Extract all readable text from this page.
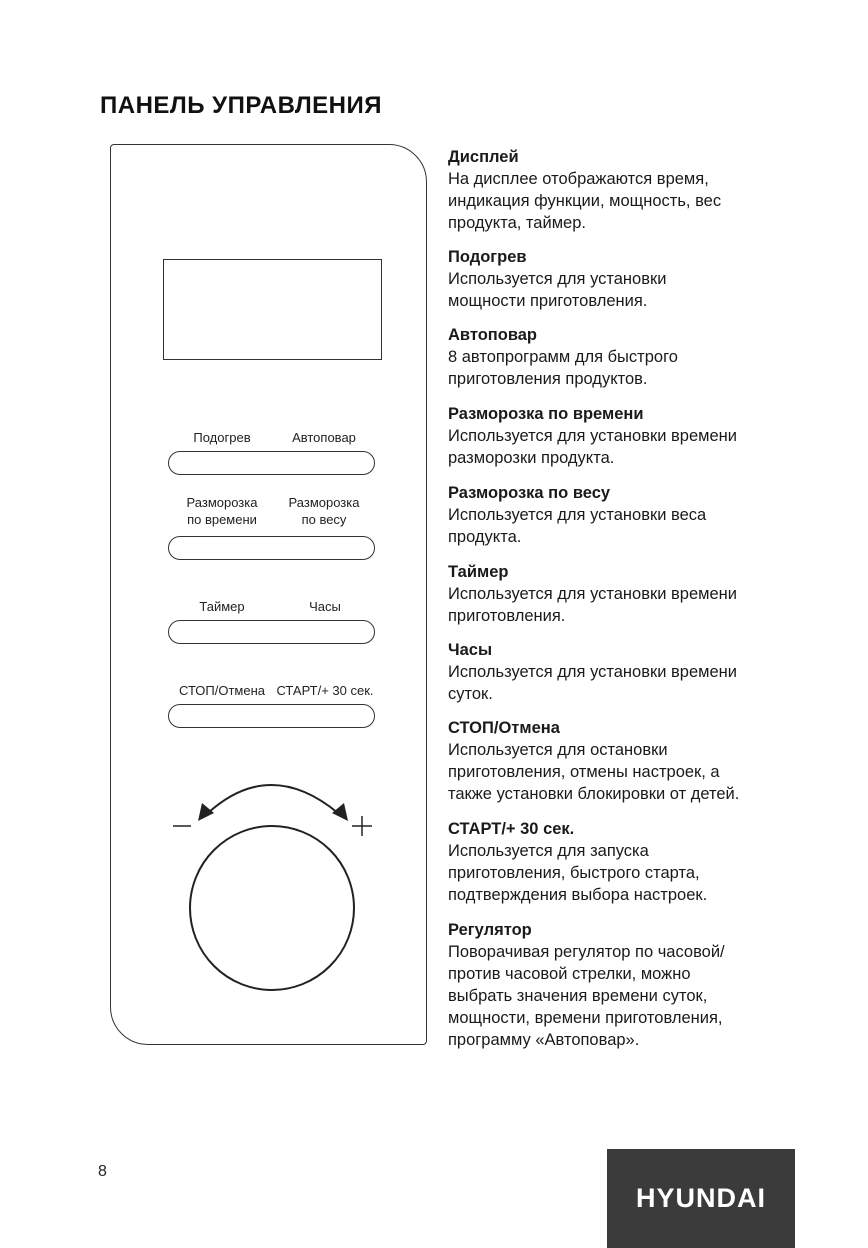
ПАНЕЛЬ УПРАВЛЕНИЯ
Подогрев	Автоповар
Разморозка
по времени
Разморозка
по весу
Таймер	Часы
СТОП/Отмена СТАРТ/+ 30 сек.
Дисплей
На дисплее отображаются время,
индикация функции, мощность, вес
продукта, таймер.
Подогрев
Используется для установки
мощности приготовления.
Автоповар
8 автопрограмм для быстрого
приготовления продуктов.
Разморозка по времени
Используется для установки времени
разморозки продукта.
Разморозка по весу
Используется для установки веса
продукта.
Таймер
Используется для установки времени
приготовления.
Часы
Используется для установки времени
суток.
СТОП/Отмена
Используется для остановки
приготовления, отмены настроек, а
также установки блокировки от детей.
СТАРТ/+ 30 сек.
Используется для запуска
приготовления, быстрого старта,
подтверждения выбора настроек.
Регулятор
Поворачивая регулятор по часовой/
против часовой стрелки, можно
выбрать значения времени суток,
мощности, времени приготовления,
программу «Автоповар».
8
HYUNDAI
